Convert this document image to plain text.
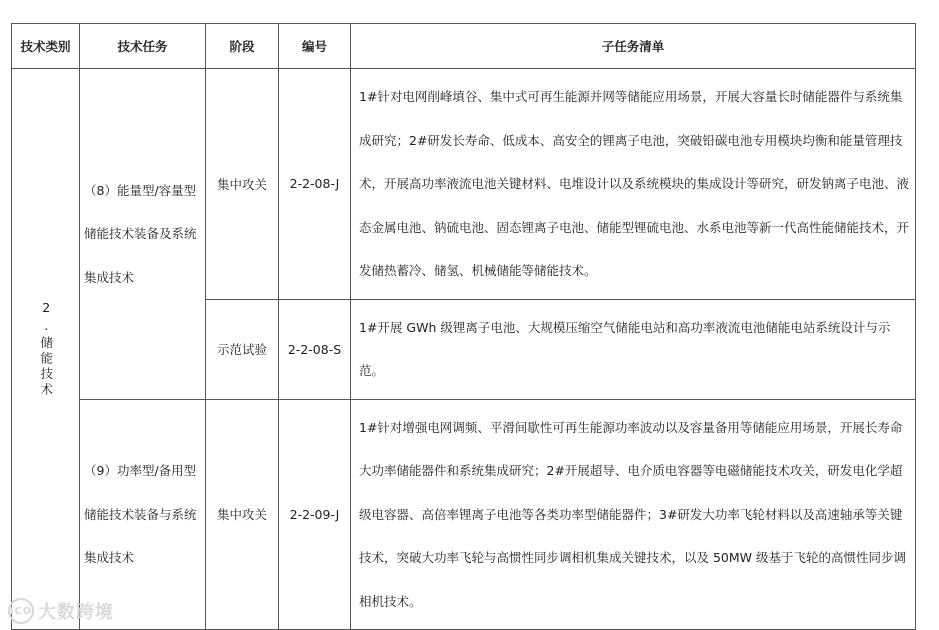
技术类别	技术任务	阶段	编号	子任务清单

2.储能技术	（8）能量型/容量型储能技术装备及系统集成技术	集中攻关	2-2-08-J	1#针对电网削峰填谷、集中式可再生能源并网等储能应用场景，开展大容量长时储能器件与系统集成研究；2#研发长寿命、低成本、高安全的锂离子电池，突破铅碳电池专用模块均衡和能量管理技术，开展高功率液流电池关键材料、电堆设计以及系统模块的集成设计等研究，研发钠离子电池、液态金属电池、钠硫电池、固态锂离子电池、储能型锂硫电池、水系电池等新一代高性能储能技术，开发储热蓄冷、储氢、机械储能等储能技术。
		示范试验	2-2-08-S	1#开展 GWh 级锂离子电池、大规模压缩空气储能电站和高功率液流电池储能电站系统设计与示范。
	（9）功率型/备用型储能技术装备与系统集成技术	集中攻关	2-2-09-J	1#针对增强电网调频、平滑间歇性可再生能源功率波动以及容量备用等储能应用场景，开展长寿命大功率储能器件和系统集成研究；2#开展超导、电介质电容器等电磁储能技术攻关，研发电化学超级电容器、高倍率锂离子电池等各类功率型储能器件；3#研发大功率飞轮材料以及高速轴承等关键技术，突破大功率飞轮与高惯性同步调相机集成关键技术，以及 50MW 级基于飞轮的高惯性同步调相机技术。
ICO 大数跨境
